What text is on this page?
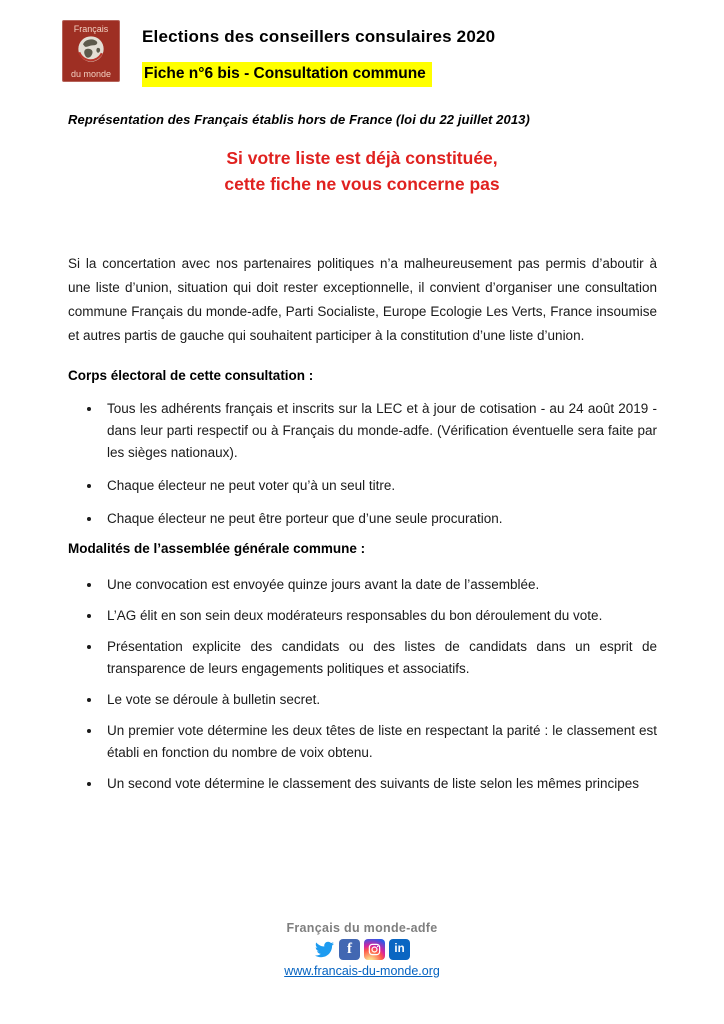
Français
du monde
Elections des conseillers consulaires 2020
Fiche n°6 bis - Consultation commune
Représentation des Français établis hors de France (loi du 22 juillet 2013)
Si votre liste est déjà constituée,
cette fiche ne vous concerne pas

Si la concertation avec nos partenaires politiques n’a malheureusement pas permis d’aboutir à une liste d’union, situation qui doit rester exceptionnelle, il convient d’organiser une consultation commune Français du monde-adfe, Parti Socialiste, Europe Ecologie Les Verts, France insoumise et autres partis de gauche qui souhaitent participer à la constitution d’une liste d’union.

Corps électoral de cette consultation :
• Tous les adhérents français et inscrits sur la LEC et à jour de cotisation - au 24 août 2019 - dans leur parti respectif ou à Français du monde-adfe. (Vérification éventuelle sera faite par les sièges nationaux).
• Chaque électeur ne peut voter qu’à un seul titre.
• Chaque électeur ne peut être porteur que d’une seule procuration.
Modalités de l’assemblée générale commune :
• Une convocation est envoyée quinze jours avant la date de l’assemblée.
• L’AG élit en son sein deux modérateurs responsables du bon déroulement du vote.
• Présentation explicite des candidats ou des listes de candidats dans un esprit de transparence de leurs engagements politiques et associatifs.
• Le vote se déroule à bulletin secret.
• Un premier vote détermine les deux têtes de liste en respectant la parité : le classement est établi en fonction du nombre de voix obtenu.
• Un second vote détermine le classement des suivants de liste selon les mêmes principes
Français du monde-adfe
f	in
www.francais-du-monde.org
